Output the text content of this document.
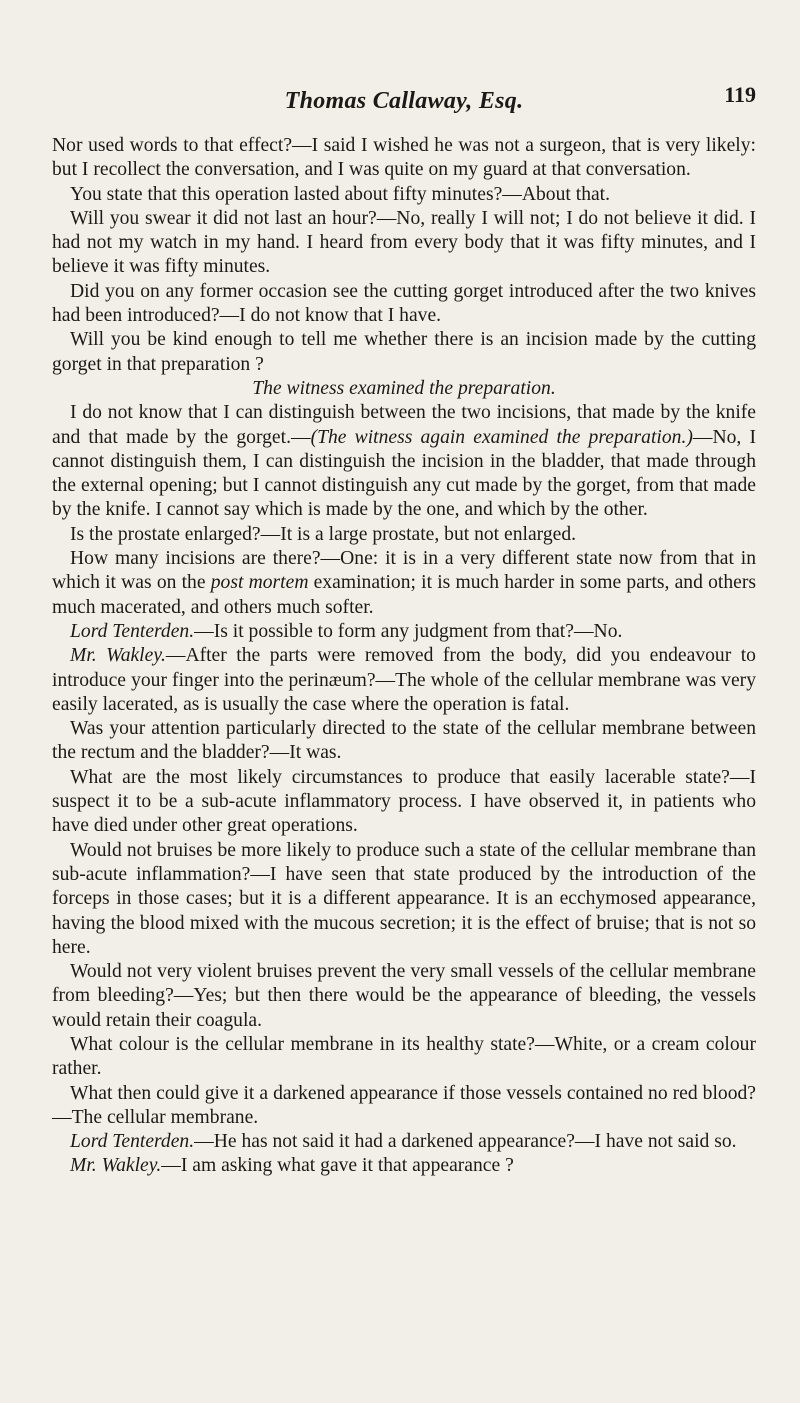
Thomas Callaway, Esq.	119

Nor used words to that effect?—I said I wished he was not a surgeon, that is very likely: but I recollect the conversation, and I was quite on my guard at that conversation.

You state that this operation lasted about fifty minutes?—About that.

Will you swear it did not last an hour?—No, really I will not; I do not believe it did. I had not my watch in my hand. I heard from every body that it was fifty minutes, and I believe it was fifty minutes.

Did you on any former occasion see the cutting gorget introduced after the two knives had been introduced?—I do not know that I have.

Will you be kind enough to tell me whether there is an incision made by the cutting gorget in that preparation ?

The witness examined the preparation.

I do not know that I can distinguish between the two incisions, that made by the knife and that made by the gorget.—(The witness again examined the preparation.)—No, I cannot distinguish them, I can distinguish the incision in the bladder, that made through the external opening; but I cannot distinguish any cut made by the gorget, from that made by the knife. I cannot say which is made by the one, and which by the other.

Is the prostate enlarged?—It is a large prostate, but not enlarged.

How many incisions are there?—One: it is in a very different state now from that in which it was on the post mortem examination; it is much harder in some parts, and others much macerated, and others much softer.

Lord Tenterden.—Is it possible to form any judgment from that?—No.

Mr. Wakley.—After the parts were removed from the body, did you endeavour to introduce your finger into the perinæum?—The whole of the cellular membrane was very easily lacerated, as is usually the case where the operation is fatal.

Was your attention particularly directed to the state of the cellular membrane between the rectum and the bladder?—It was.

What are the most likely circumstances to produce that easily lacerable state?—I suspect it to be a sub-acute inflammatory process. I have observed it, in patients who have died under other great operations.

Would not bruises be more likely to produce such a state of the cellular membrane than sub-acute inflammation?—I have seen that state produced by the introduction of the forceps in those cases; but it is a different appearance. It is an ecchymosed appearance, having the blood mixed with the mucous secretion; it is the effect of bruise; that is not so here.

Would not very violent bruises prevent the very small vessels of the cellular membrane from bleeding?—Yes; but then there would be the appearance of bleeding, the vessels would retain their coagula.

What colour is the cellular membrane in its healthy state?—White, or a cream colour rather.

What then could give it a darkened appearance if those vessels contained no red blood?—The cellular membrane.

Lord Tenterden.—He has not said it had a darkened appearance?—I have not said so.

Mr. Wakley.—I am asking what gave it that appearance ?
